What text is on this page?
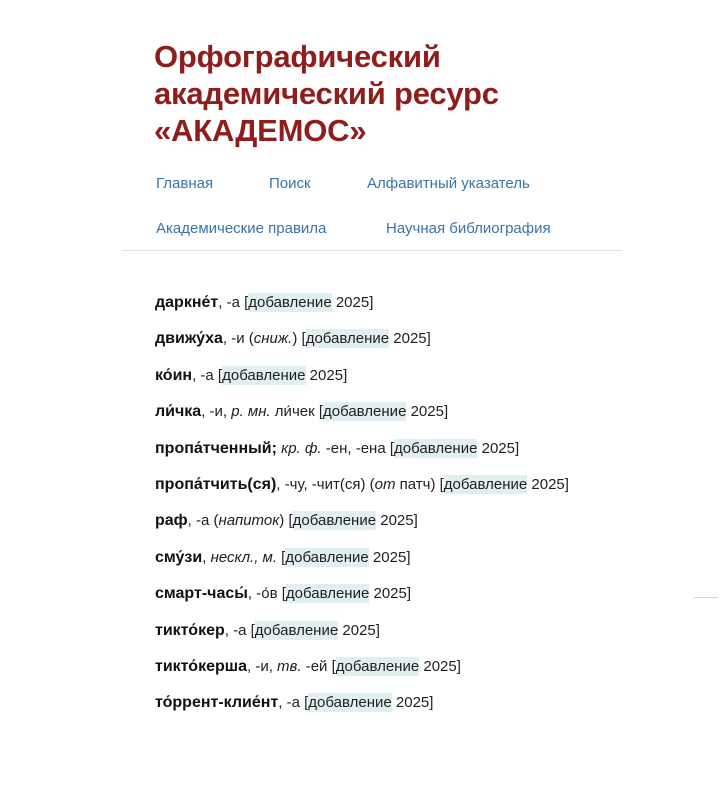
Орфографический
академический ресурс
«АКАДЕМОС»
Главная	Поиск	Алфавитный указатель
Академические правила	Научная библиография
даркне́т, -а [добавление 2025]
движу́ха, -и (сниж.) [добавление 2025]
ко́ин, -а [добавление 2025]
ли́чка, -и, р. мн. ли́чек [добавление 2025]
пропа́тченный; кр. ф. -ен, -ена [добавление 2025]
пропа́тчить(ся), -чу, -чит(ся) (от патч) [добавление 2025]
раф, -а (напиток) [добавление 2025]
сму́зи, нескл., м. [добавление 2025]
смарт-часы́, -о́в [добавление 2025]
тикто́кер, -а [добавление 2025]
тикто́керша, -и, тв. -ей [добавление 2025]
то́ррент-клие́нт, -а [добавление 2025]
